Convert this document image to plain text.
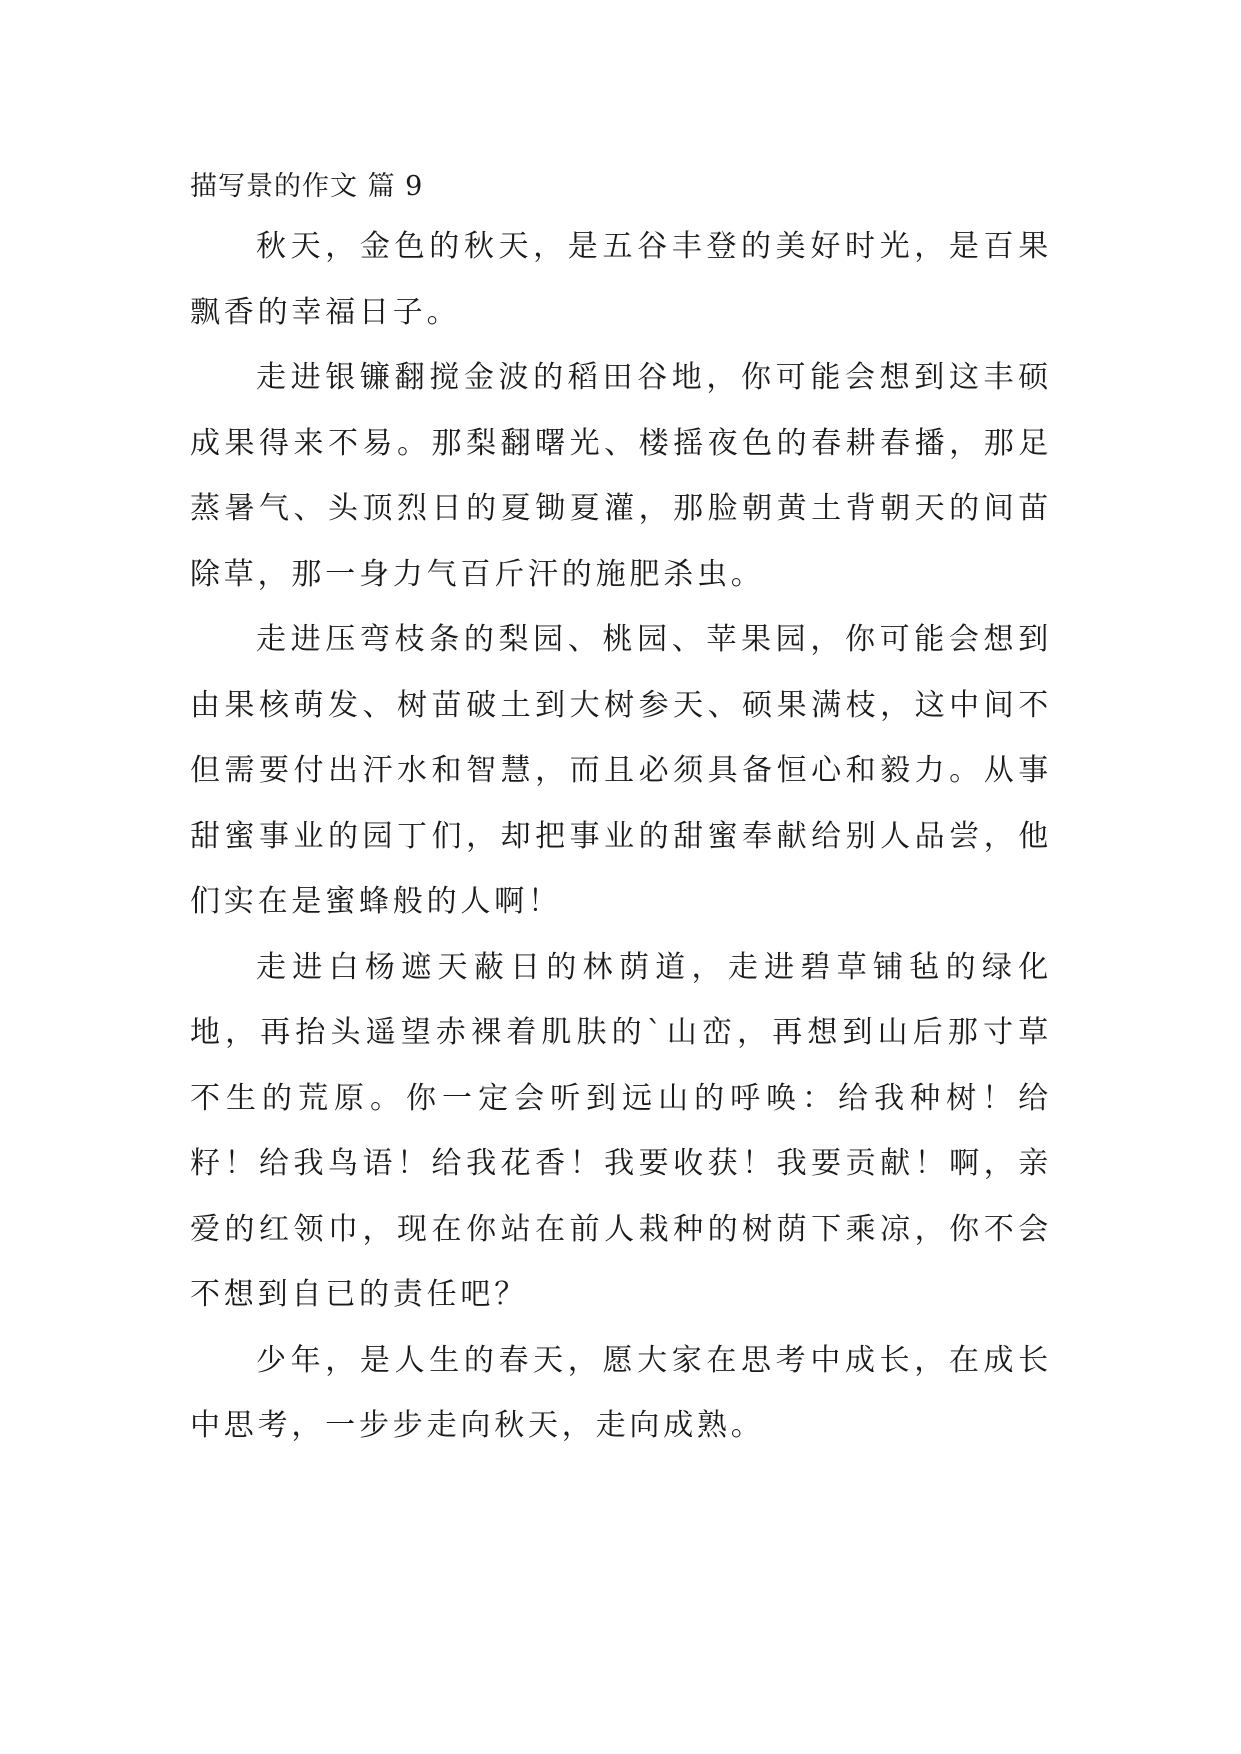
描写景的作文 篇 9

秋天，金色的秋天，是五谷丰登的美好时光，是百果飘香的幸福日子。

走进银镰翻搅金波的稻田谷地，你可能会想到这丰硕成果得来不易。那梨翻曙光、楼摇夜色的春耕春播，那足蒸暑气、头顶烈日的夏锄夏灌，那脸朝黄土背朝天的间苗除草，那一身力气百斤汗的施肥杀虫。

走进压弯枝条的梨园、桃园、苹果园，你可能会想到由果核萌发、树苗破土到大树参天、硕果满枝，这中间不但需要付出汗水和智慧，而且必须具备恒心和毅力。从事甜蜜事业的园丁们，却把事业的甜蜜奉献给别人品尝，他们实在是蜜蜂般的人啊！

走进白杨遮天蔽日的林荫道，走进碧草铺毡的绿化地，再抬头遥望赤裸着肌肤的`山峦，再想到山后那寸草不生的荒原。你一定会听到远山的呼唤：给我种树！给籽！给我鸟语！给我花香！我要收获！我要贡献！啊，亲爱的红领巾，现在你站在前人栽种的树荫下乘凉，你不会不想到自已的责任吧？

少年，是人生的春天，愿大家在思考中成长，在成长中思考，一步步走向秋天，走向成熟。
